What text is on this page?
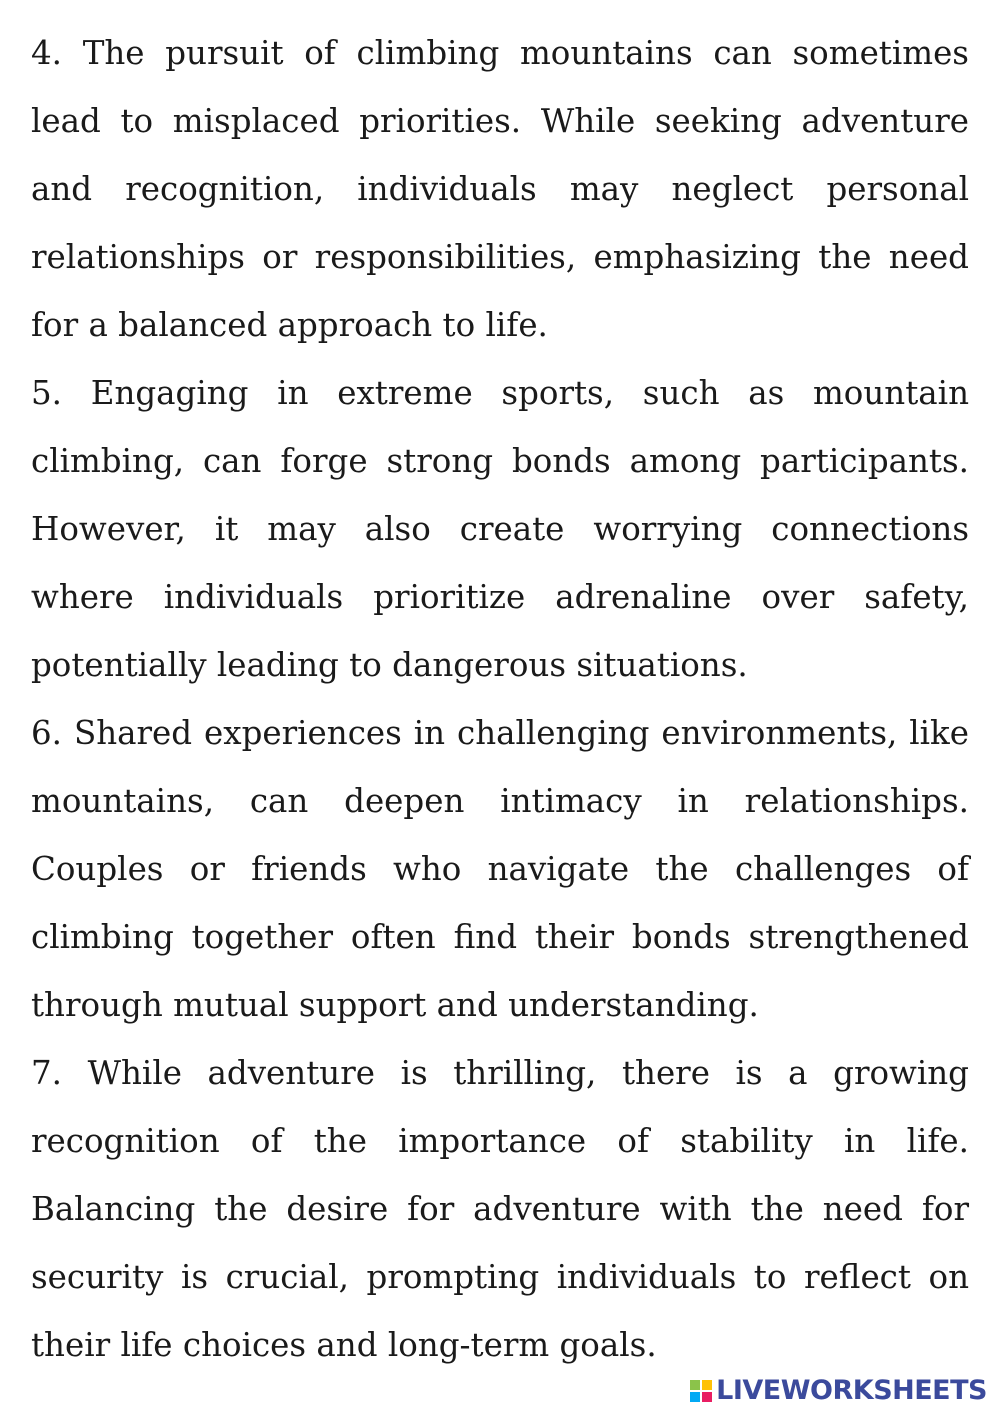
4. The pursuit of climbing mountains can sometimes lead to misplaced priorities. While seeking adventure and recognition, individuals may neglect personal relationships or responsibilities, emphasizing the need for a balanced approach to life.

5. Engaging in extreme sports, such as mountain climbing, can forge strong bonds among participants. However, it may also create worrying connections where individuals prioritize adrenaline over safety, potentially leading to dangerous situations.

6. Shared experiences in challenging environments, like mountains, can deepen intimacy in relationships. Couples or friends who navigate the challenges of climbing together often find their bonds strengthened through mutual support and understanding.

7. While adventure is thrilling, there is a growing recognition of the importance of stability in life. Balancing the desire for adventure with the need for security is crucial, prompting individuals to reflect on their life choices and long-term goals.

LIVEWORKSHEETS
